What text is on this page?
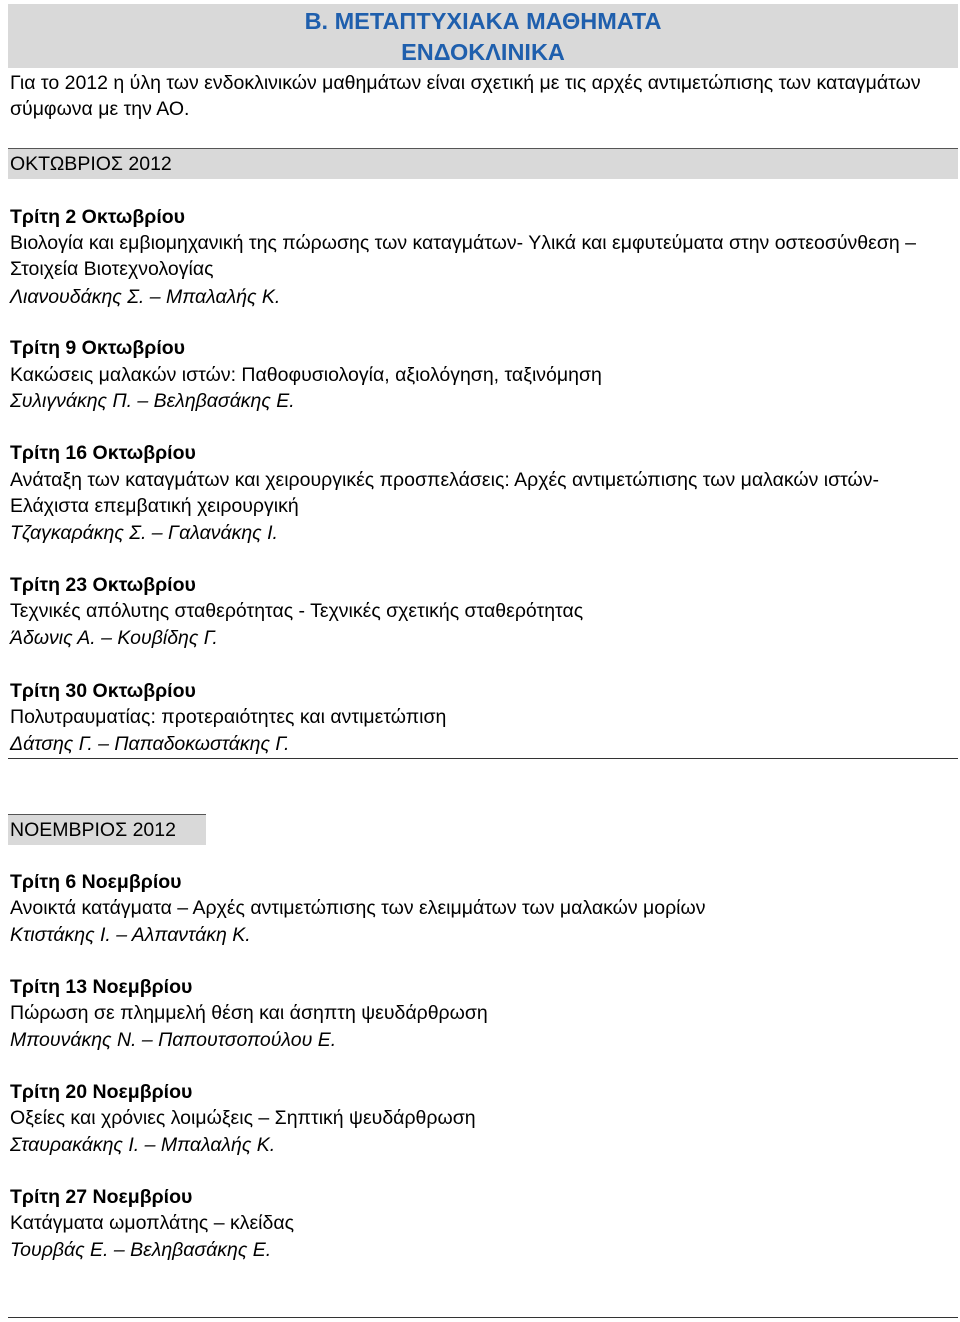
Β. ΜΕΤΑΠΤΥΧΙΑΚΑ ΜΑΘΗΜΑΤΑ
ΕΝΔΟΚΛΙΝΙΚΑ
Για το 2012 η ύλη των ενδοκλινικών μαθημάτων είναι σχετική με τις αρχές αντιμετώπισης των καταγμάτων σύμφωνα με την ΑΟ.
ΟΚΤΩΒΡΙΟΣ 2012
Τρίτη 2 Οκτωβρίου
Βιολογία και εμβιομηχανική της πώρωσης των καταγμάτων- Υλικά και εμφυτεύματα στην οστεοσύνθεση – Στοιχεία Βιοτεχνολογίας
Λιανουδάκης Σ. – Μπαλαλής Κ.
Τρίτη 9 Οκτωβρίου
Κακώσεις μαλακών ιστών: Παθοφυσιολογία, αξιολόγηση, ταξινόμηση
Συλιγνάκης Π. – Βεληβασάκης Ε.
Τρίτη 16 Οκτωβρίου
Ανάταξη των καταγμάτων και χειρουργικές προσπελάσεις: Αρχές αντιμετώπισης των μαλακών ιστών- Ελάχιστα επεμβατική χειρουργική
Τζαγκαράκης Σ. – Γαλανάκης Ι.
Τρίτη 23 Οκτωβρίου
Τεχνικές απόλυτης σταθερότητας - Τεχνικές σχετικής σταθερότητας
Άδωνις Α. – Κουβίδης Γ.
Τρίτη 30 Οκτωβρίου
Πολυτραυματίας: προτεραιότητες και αντιμετώπιση
Δάτσης Γ. – Παπαδοκωστάκης Γ.
ΝΟΕΜΒΡΙΟΣ 2012
Τρίτη 6 Νοεμβρίου
Ανοικτά κατάγματα – Αρχές αντιμετώπισης των ελειμμάτων των μαλακών μορίων
Κτιστάκης Ι. – Αλπαντάκη Κ.
Τρίτη 13 Νοεμβρίου
Πώρωση σε πλημμελή θέση και άσηπτη ψευδάρθρωση
Μπουνάκης Ν. – Παπουτσοπούλου Ε.
Τρίτη 20 Νοεμβρίου
Οξείες και χρόνιες λοιμώξεις – Σηπτική ψευδάρθρωση
Σταυρακάκης Ι. – Μπαλαλής Κ.
Τρίτη 27 Νοεμβρίου
Κατάγματα ωμοπλάτης – κλείδας
Τουρβάς Ε. – Βεληβασάκης Ε.
